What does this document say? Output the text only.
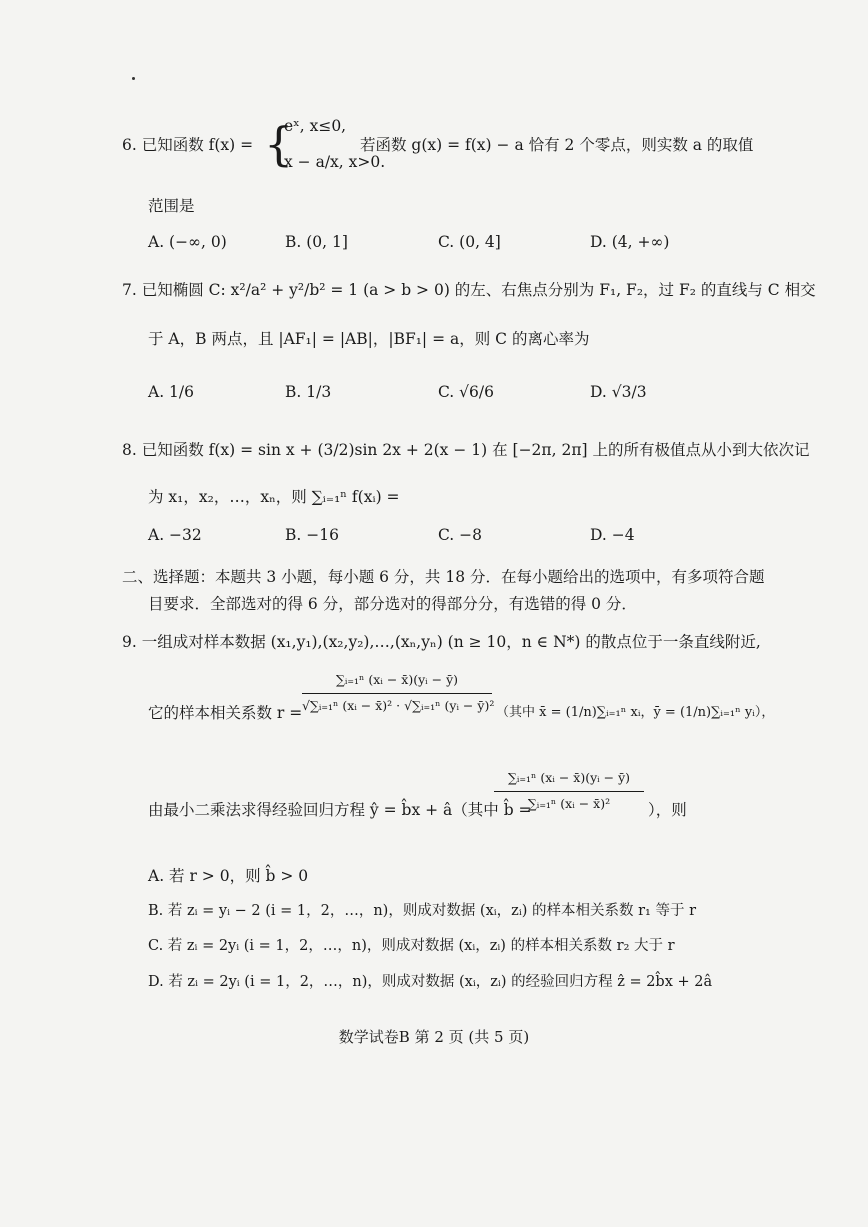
6. 已知函数 f(x) = {
eˣ, x≤0,
x − a/x, x>0.
若函数 g(x) = f(x) − a 恰有 2 个零点，则实数 a 的取值
范围是
A. (−∞, 0)	B. (0, 1]	C. (0, 4]	D. (4, +∞)
7. 已知椭圆 C: x²/a² + y²/b² = 1 (a > b > 0) 的左、右焦点分别为 F₁, F₂，过 F₂ 的直线与 C 相交
于 A，B 两点，且 |AF₁| = |AB|，|BF₁| = a，则 C 的离心率为
A. 1/6	B. 1/3	C. √6/6	D. √3/3
8. 已知函数 f(x) = sin x + (3/2)sin 2x + 2(x − 1) 在 [−2π, 2π] 上的所有极值点从小到大依次记
为 x₁，x₂，…，xₙ，则 ∑ᵢ₌₁ⁿ f(xᵢ) =
A. −32	B. −16	C. −8	D. −4
二、选择题：本题共 3 小题，每小题 6 分，共 18 分．在每小题给出的选项中，有多项符合题
目要求．全部选对的得 6 分，部分选对的得部分分，有选错的得 0 分．
9. 一组成对样本数据 (x₁,y₁),(x₂,y₂),…,(xₙ,yₙ) (n ≥ 10，n ∈ N*) 的散点位于一条直线附近,
它的样本相关系数 r =
∑ᵢ₌₁ⁿ (xᵢ − x̄)(yᵢ − ȳ)
√∑ᵢ₌₁ⁿ (xᵢ − x̄)² · √∑ᵢ₌₁ⁿ (yᵢ − ȳ)² （其中 x̄ = (1/n)∑ᵢ₌₁ⁿ xᵢ，ȳ = (1/n)∑ᵢ₌₁ⁿ yᵢ），
由最小二乘法求得经验回归方程 ŷ = b̂x + â（其中 b̂ =
∑ᵢ₌₁ⁿ (xᵢ − x̄)(yᵢ − ȳ)
∑ᵢ₌₁ⁿ (xᵢ − x̄)²	），则
A. 若 r > 0，则 b̂ > 0
B. 若 zᵢ = yᵢ − 2 (i = 1，2，…，n)，则成对数据 (xᵢ，zᵢ) 的样本相关系数 r₁ 等于 r
C. 若 zᵢ = 2yᵢ (i = 1，2，…，n)，则成对数据 (xᵢ，zᵢ) 的样本相关系数 r₂ 大于 r
D. 若 zᵢ = 2yᵢ (i = 1，2，…，n)，则成对数据 (xᵢ，zᵢ) 的经验回归方程 ẑ = 2b̂x + 2â
数学试卷B 第 2 页 (共 5 页)
